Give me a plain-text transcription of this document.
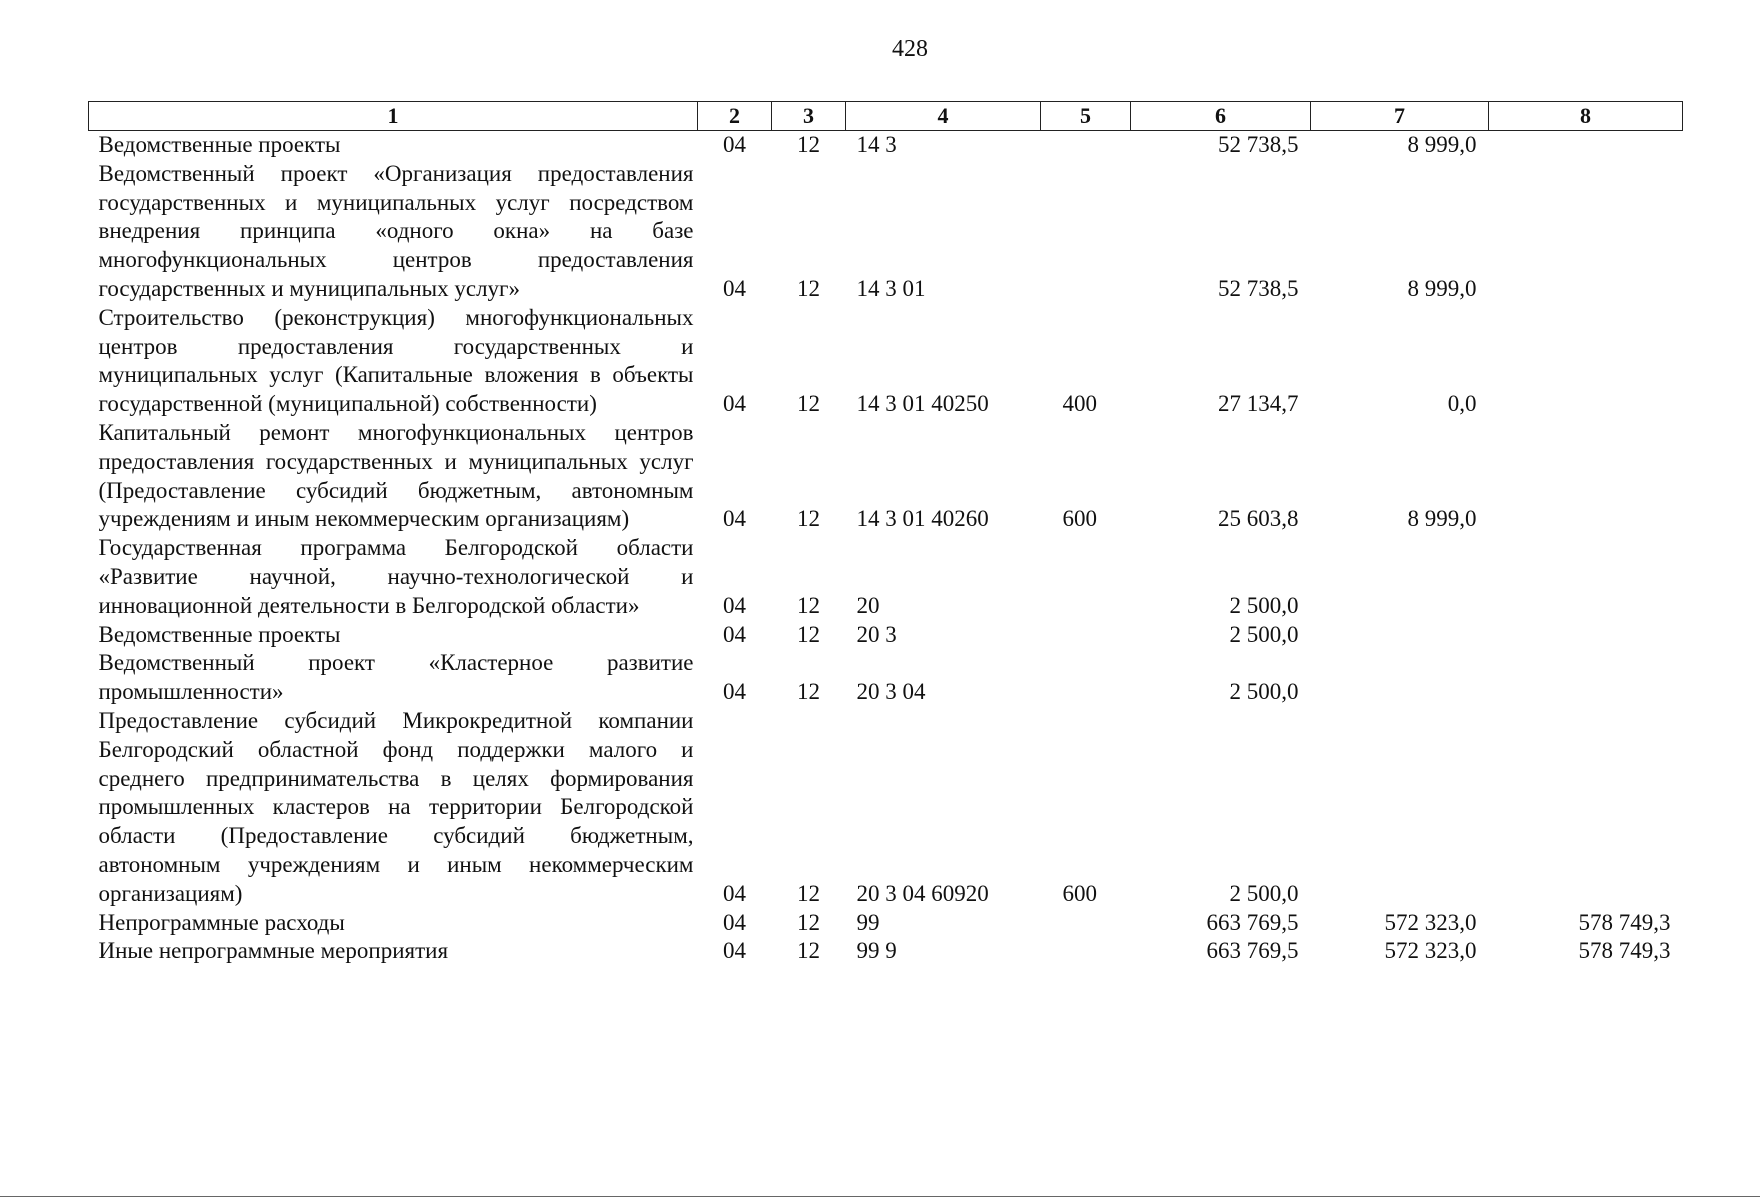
428
1	2	3	4	5	6	7	8
Ведомственные проекты	04	12	14 3		52 738,5	8 999,0	
Ведомственный проект «Организация предоставления государственных и муниципальных услуг посредством внедрения принципа «одного окна» на базе многофункциональных центров предоставления государственных и муниципальных услуг»	04	12	14 3 01		52 738,5	8 999,0	
Строительство (реконструкция) многофункциональных центров предоставления государственных и муниципальных услуг (Капитальные вложения в объекты государственной (муниципальной) собственности)	04	12	14 3 01 40250	400	27 134,7	0,0	
Капитальный ремонт многофункциональных центров предоставления государственных и муниципальных услуг (Предоставление субсидий бюджетным, автономным учреждениям и иным некоммерческим организациям)	04	12	14 3 01 40260	600	25 603,8	8 999,0	
Государственная программа Белгородской области «Развитие научной, научно-технологической и инновационной деятельности в Белгородской области»	04	12	20		2 500,0		
Ведомственные проекты	04	12	20 3		2 500,0		
Ведомственный проект «Кластерное развитие промышленности»	04	12	20 3 04		2 500,0		
Предоставление субсидий Микрокредитной компании Белгородский областной фонд поддержки малого и среднего предпринимательства в целях формирования промышленных кластеров на территории Белгородской области (Предоставление субсидий бюджетным, автономным учреждениям и иным некоммерческим организациям)	04	12	20 3 04 60920	600	2 500,0		
Непрограммные расходы	04	12	99		663 769,5	572 323,0	578 749,3
Иные непрограммные мероприятия	04	12	99 9		663 769,5	572 323,0	578 749,3
